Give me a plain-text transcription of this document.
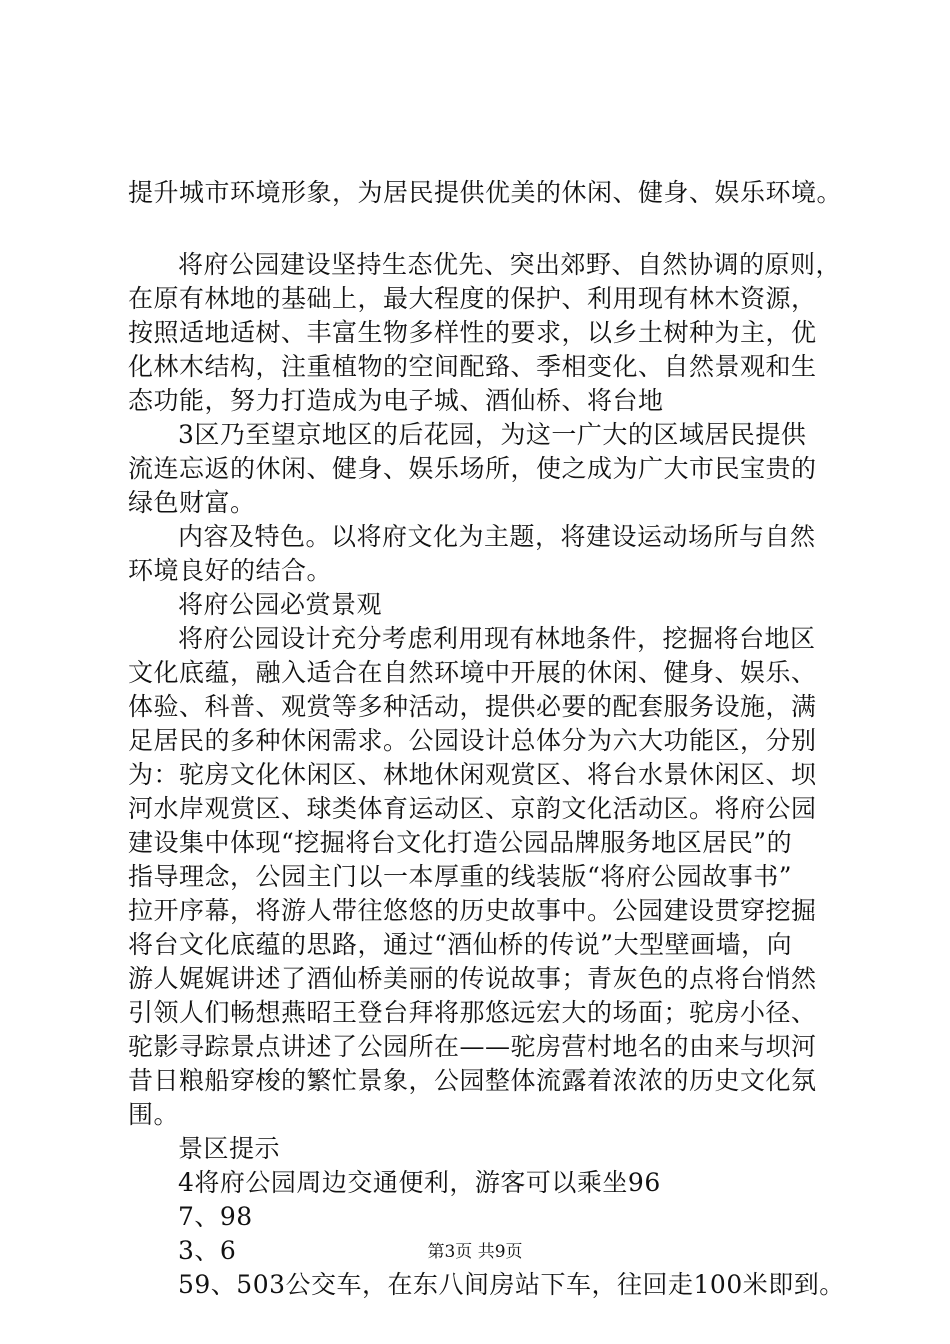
提升城市环境形象，为居民提供优美的休闲、健身、娱乐环境。
将府公园建设坚持生态优先、突出郊野、自然协调的原则，
在原有林地的基础上，最大程度的保护、利用现有林木资源，
按照适地适树、丰富生物多样性的要求，以乡土树种为主，优
化林木结构，注重植物的空间配臵、季相变化、自然景观和生
态功能，努力打造成为电子城、酒仙桥、将台地
3区乃至望京地区的后花园，为这一广大的区域居民提供
流连忘返的休闲、健身、娱乐场所，使之成为广大市民宝贵的
绿色财富。
内容及特色。以将府文化为主题，将建设运动场所与自然
环境良好的结合。
将府公园必赏景观
将府公园设计充分考虑利用现有林地条件，挖掘将台地区
文化底蕴，融入适合在自然环境中开展的休闲、健身、娱乐、
体验、科普、观赏等多种活动，提供必要的配套服务设施，满
足居民的多种休闲需求。公园设计总体分为六大功能区，分别
为：驼房文化休闲区、林地休闲观赏区、将台水景休闲区、坝
河水岸观赏区、球类体育运动区、京韵文化活动区。将府公园
建设集中体现“挖掘将台文化打造公园品牌服务地区居民”的
指导理念，公园主门以一本厚重的线装版“将府公园故事书”
拉开序幕，将游人带往悠悠的历史故事中。公园建设贯穿挖掘
将台文化底蕴的思路，通过“酒仙桥的传说”大型壁画墙，向
游人娓娓讲述了酒仙桥美丽的传说故事；青灰色的点将台悄然
引领人们畅想燕昭王登台拜将那悠远宏大的场面；驼房小径、
驼影寻踪景点讲述了公园所在——驼房营村地名的由来与坝河
昔日粮船穿梭的繁忙景象，公园整体流露着浓浓的历史文化氛
围。
景区提示
4将府公园周边交通便利，游客可以乘坐96
7、98
3、6
59、503公交车，在东八间房站下车，往回走100米即到。
第3页 共9页
